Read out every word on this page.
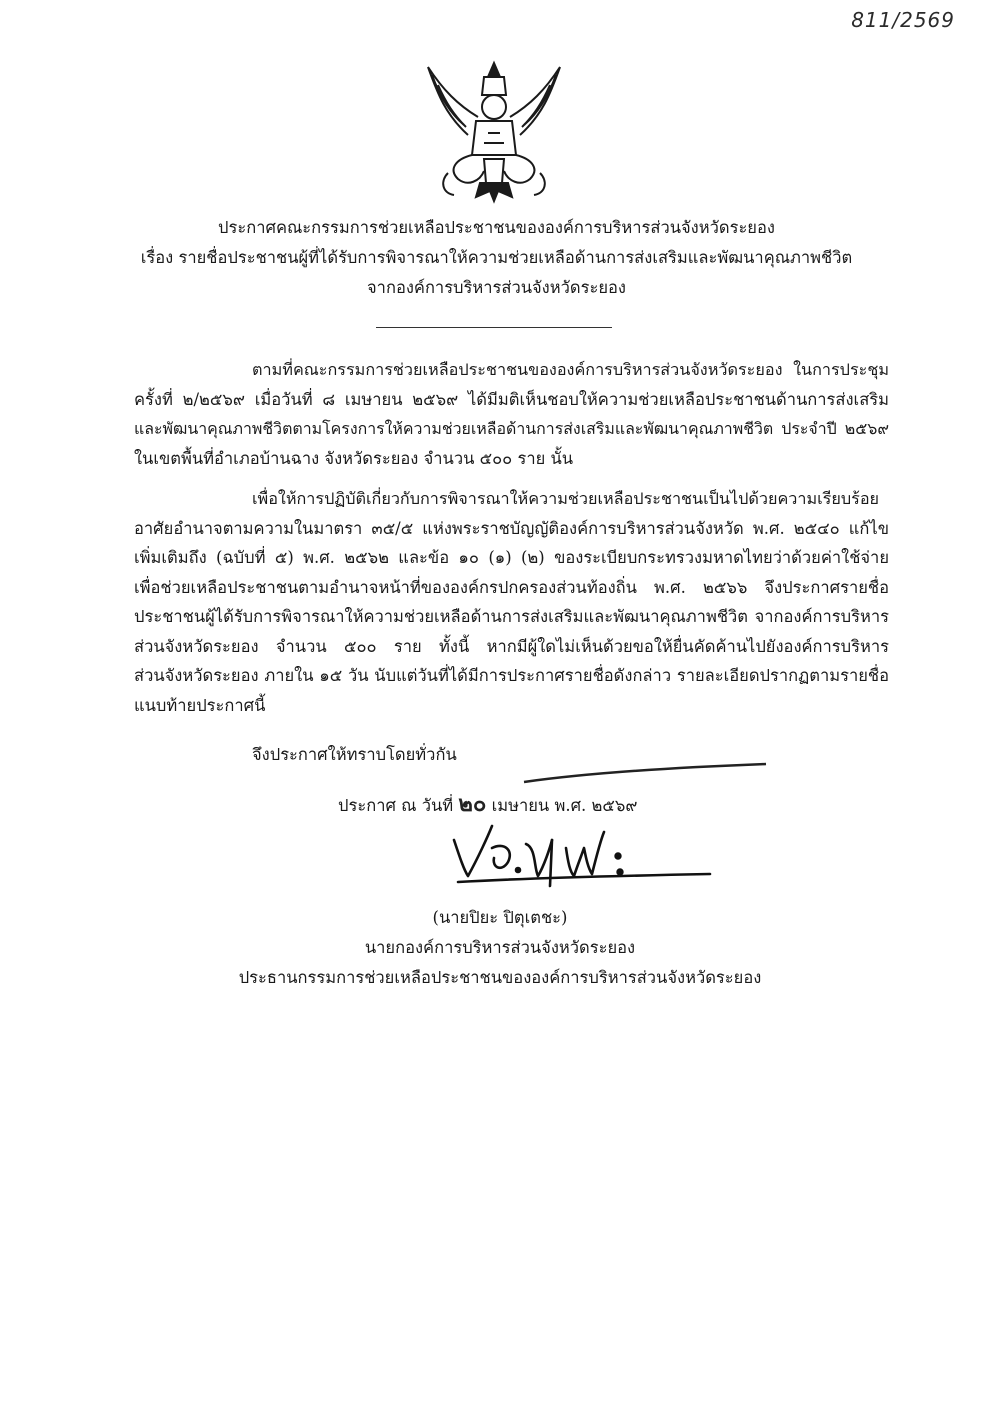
811/2569
ประกาศคณะกรรมการช่วยเหลือประชาชนขององค์การบริหารส่วนจังหวัดระยอง
เรื่อง รายชื่อประชาชนผู้ที่ได้รับการพิจารณาให้ความช่วยเหลือด้านการส่งเสริมและพัฒนาคุณภาพชีวิต
จากองค์การบริหารส่วนจังหวัดระยอง
ตามที่คณะกรรมการช่วยเหลือประชาชนขององค์การบริหารส่วนจังหวัดระยอง ในการประชุม
ครั้งที่ ๒/๒๕๖๙ เมื่อวันที่ ๘ เมษายน ๒๕๖๙ ได้มีมติเห็นชอบให้ความช่วยเหลือประชาชนด้านการส่งเสริม
และพัฒนาคุณภาพชีวิตตามโครงการให้ความช่วยเหลือด้านการส่งเสริมและพัฒนาคุณภาพชีวิต ประจำปี ๒๕๖๙
ในเขตพื้นที่อำเภอบ้านฉาง จังหวัดระยอง จำนวน ๕๐๐ ราย นั้น
เพื่อให้การปฏิบัติเกี่ยวกับการพิจารณาให้ความช่วยเหลือประชาชนเป็นไปด้วยความเรียบร้อย
อาศัยอำนาจตามความในมาตรา ๓๕/๕ แห่งพระราชบัญญัติองค์การบริหารส่วนจังหวัด พ.ศ. ๒๕๔๐ แก้ไข
เพิ่มเติมถึง (ฉบับที่ ๕) พ.ศ. ๒๕๖๒ และข้อ ๑๐ (๑) (๒) ของระเบียบกระทรวงมหาดไทยว่าด้วยค่าใช้จ่าย
เพื่อช่วยเหลือประชาชนตามอำนาจหน้าที่ขององค์กรปกครองส่วนท้องถิ่น พ.ศ. ๒๕๖๖ จึงประกาศรายชื่อ
ประชาชนผู้ได้รับการพิจารณาให้ความช่วยเหลือด้านการส่งเสริมและพัฒนาคุณภาพชีวิต จากองค์การบริหาร
ส่วนจังหวัดระยอง จำนวน ๕๐๐ ราย ทั้งนี้ หากมีผู้ใดไม่เห็นด้วยขอให้ยื่นคัดค้านไปยังองค์การบริหาร
ส่วนจังหวัดระยอง ภายใน ๑๕ วัน นับแต่วันที่ได้มีการประกาศรายชื่อดังกล่าว รายละเอียดปรากฏตามรายชื่อ
แนบท้ายประกาศนี้
จึงประกาศให้ทราบโดยทั่วกัน
ประกาศ ณ วันที่ ๒๐ เมษายน พ.ศ. ๒๕๖๙
(นายปิยะ ปิตุเตชะ)
นายกองค์การบริหารส่วนจังหวัดระยอง
ประธานกรรมการช่วยเหลือประชาชนขององค์การบริหารส่วนจังหวัดระยอง
